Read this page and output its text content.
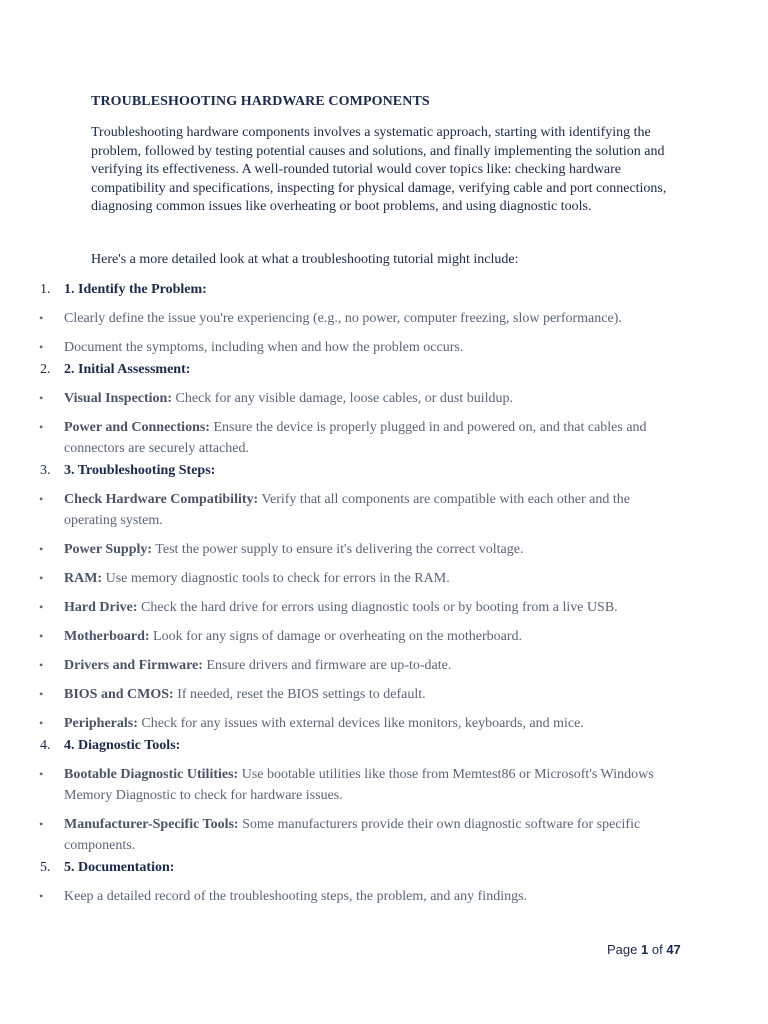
TROUBLESHOOTING HARDWARE COMPONENTS

Troubleshooting hardware components involves a systematic approach, starting with identifying the problem, followed by testing potential causes and solutions, and finally implementing the solution and verifying its effectiveness. A well-rounded tutorial would cover topics like: checking hardware compatibility and specifications, inspecting for physical damage, verifying cable and port connections, diagnosing common issues like overheating or boot problems, and using diagnostic tools.

Here's a more detailed look at what a troubleshooting tutorial might include:

1. 1. Identify the Problem:
• Clearly define the issue you're experiencing (e.g., no power, computer freezing, slow performance).
• Document the symptoms, including when and how the problem occurs.
2. 2. Initial Assessment:
• Visual Inspection: Check for any visible damage, loose cables, or dust buildup.
• Power and Connections: Ensure the device is properly plugged in and powered on, and that cables and connectors are securely attached.
3. 3. Troubleshooting Steps:
• Check Hardware Compatibility: Verify that all components are compatible with each other and the operating system.
• Power Supply: Test the power supply to ensure it's delivering the correct voltage.
• RAM: Use memory diagnostic tools to check for errors in the RAM.
• Hard Drive: Check the hard drive for errors using diagnostic tools or by booting from a live USB.
• Motherboard: Look for any signs of damage or overheating on the motherboard.
• Drivers and Firmware: Ensure drivers and firmware are up-to-date.
• BIOS and CMOS: If needed, reset the BIOS settings to default.
• Peripherals: Check for any issues with external devices like monitors, keyboards, and mice.
4. 4. Diagnostic Tools:
• Bootable Diagnostic Utilities: Use bootable utilities like those from Memtest86 or Microsoft's Windows Memory Diagnostic to check for hardware issues.
• Manufacturer-Specific Tools: Some manufacturers provide their own diagnostic software for specific components.
5. 5. Documentation:
• Keep a detailed record of the troubleshooting steps, the problem, and any findings.
Page 1 of 47
